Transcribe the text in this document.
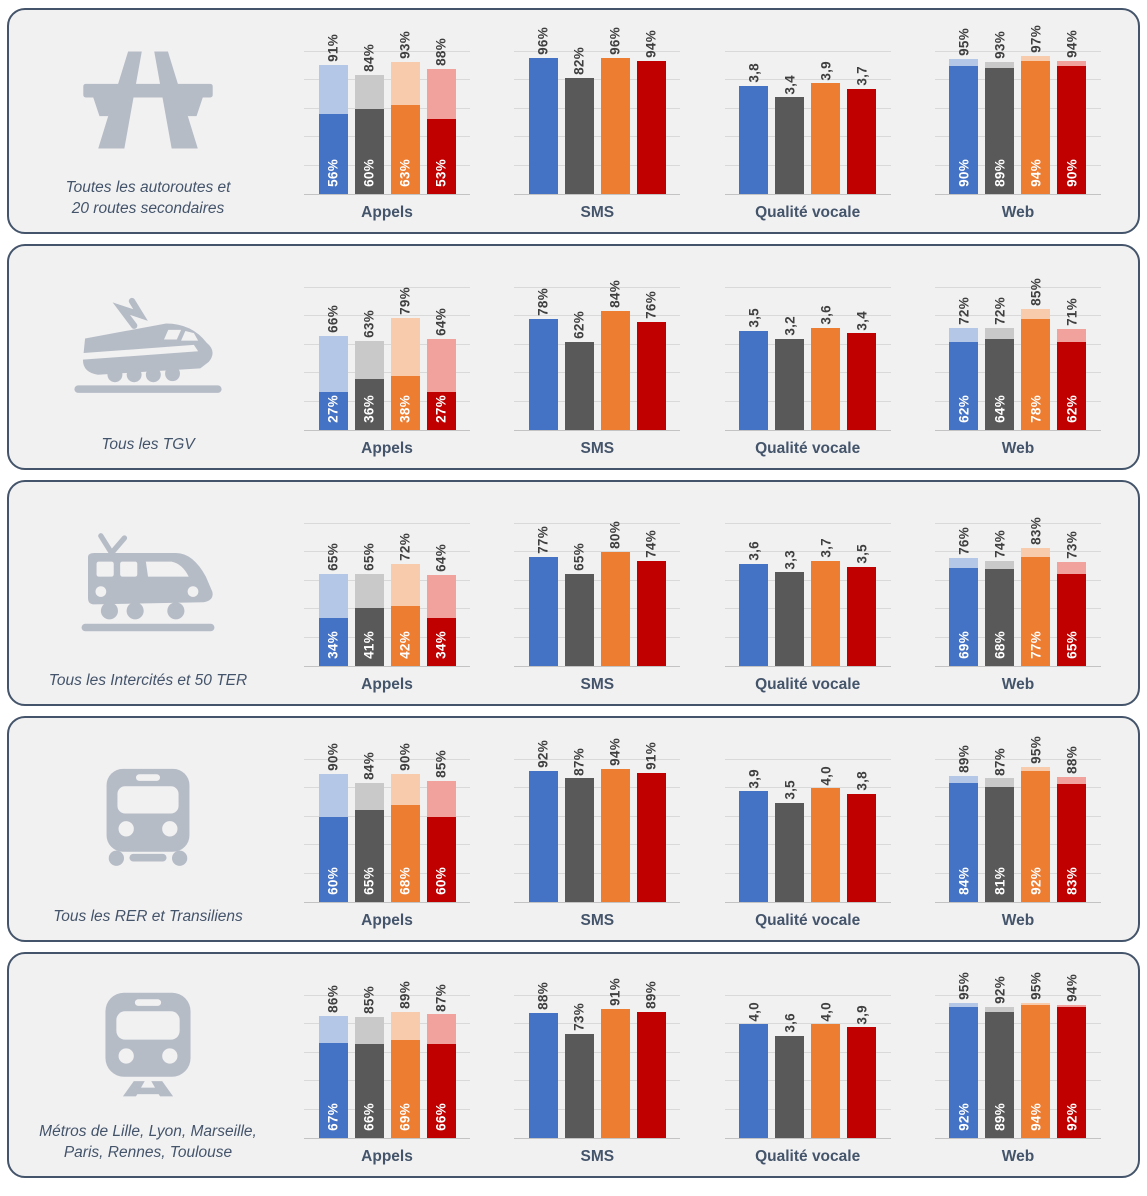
Toutes les autoroutes et
20 routes secondaires
56%
91%
60%
84%
63%
93%
53%
88%
Appels
96%
82%
96% 94%
SMS
3,8
3,4
3,9 3,7
Qualité vocale
90%
95%
89%
93%
94%
97%
90%
94%
Web
Tous les TGV
27%
66%
36%
63%
38%
79%
27%
64%
Appels
78%
62%
84% 76%
SMS
3,5 3,2
3,6 3,4
Qualité vocale
62%
72%
64%
72%
78%
85%
62%
71%
Web
Tous les Intercités et 50 TER
34%
65%
41%
65%
42%
72%
34%
64%
Appels
77%
65%
80% 74%
SMS
3,6 3,3
3,7 3,5
Qualité vocale
69%
76%
68%
74%
77%
83%
65%
73%
Web
Tous les RER et Transiliens
60%
90%
65%
84%
68%
90%
60%
85%
Appels
92% 87% 94% 91%
SMS
3,9
3,5
4,0 3,8
Qualité vocale
84%
89%
81%
87%
92%
95%
83%
88%
Web
Métros de Lille, Lyon, Marseille,
Paris, Rennes, Toulouse
67%
86%
66%
85%
69%
89%
66%
87%
Appels
88%
73%
91% 89%
SMS
4,0
3,6
4,0 3,9
Qualité vocale
92%
95%
89%
92%
94%
95%
92%
94%
Web
